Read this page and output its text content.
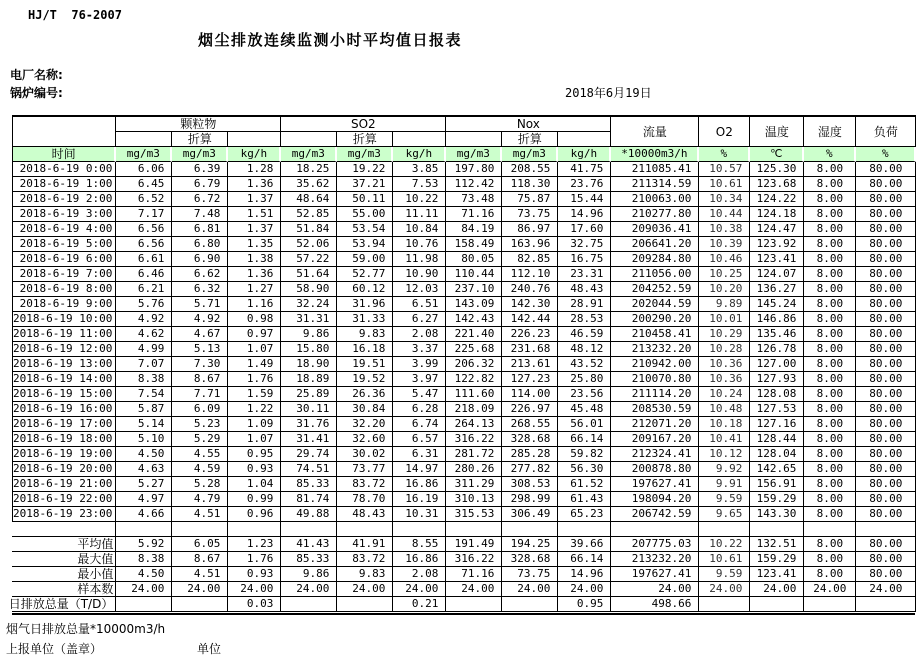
HJ/T  76-2007
烟尘排放连续监测小时平均值日报表
电厂名称:
锅炉编号:	2018年6月19日
	颗粒物			SO2			Nox			流量	O2	温度	湿度	负荷
		折算			折算			折算						
时间	mg/m3	mg/m3	kg/h	mg/m3	mg/m3	kg/h	mg/m3	mg/m3	kg/h	*10000m3/h	%	℃	%	%
2018-6-19 0:00	6.06	6.39	1.28	18.25	19.22	3.85	197.80	208.55	41.75	211085.41	10.57	125.30	8.00	80.00
2018-6-19 1:00	6.45	6.79	1.36	35.62	37.21	7.53	112.42	118.30	23.76	211314.59	10.61	123.68	8.00	80.00
2018-6-19 2:00	6.52	6.72	1.37	48.64	50.11	10.22	73.48	75.87	15.44	210063.00	10.34	124.22	8.00	80.00
2018-6-19 3:00	7.17	7.48	1.51	52.85	55.00	11.11	71.16	73.75	14.96	210277.80	10.44	124.18	8.00	80.00
2018-6-19 4:00	6.56	6.81	1.37	51.84	53.54	10.84	84.19	86.97	17.60	209036.41	10.38	124.47	8.00	80.00
2018-6-19 5:00	6.56	6.80	1.35	52.06	53.94	10.76	158.49	163.96	32.75	206641.20	10.39	123.92	8.00	80.00
2018-6-19 6:00	6.61	6.90	1.38	57.22	59.00	11.98	80.05	82.85	16.75	209284.80	10.46	123.41	8.00	80.00
2018-6-19 7:00	6.46	6.62	1.36	51.64	52.77	10.90	110.44	112.10	23.31	211056.00	10.25	124.07	8.00	80.00
2018-6-19 8:00	6.21	6.32	1.27	58.90	60.12	12.03	237.10	240.76	48.43	204252.59	10.20	136.27	8.00	80.00
2018-6-19 9:00	5.76	5.71	1.16	32.24	31.96	6.51	143.09	142.30	28.91	202044.59	9.89	145.24	8.00	80.00
2018-6-19 10:00	4.92	4.92	0.98	31.31	31.33	6.27	142.43	142.44	28.53	200290.20	10.01	146.86	8.00	80.00
2018-6-19 11:00	4.62	4.67	0.97	9.86	9.83	2.08	221.40	226.23	46.59	210458.41	10.29	135.46	8.00	80.00
2018-6-19 12:00	4.99	5.13	1.07	15.80	16.18	3.37	225.68	231.68	48.12	213232.20	10.28	126.78	8.00	80.00
2018-6-19 13:00	7.07	7.30	1.49	18.90	19.51	3.99	206.32	213.61	43.52	210942.00	10.36	127.00	8.00	80.00
2018-6-19 14:00	8.38	8.67	1.76	18.89	19.52	3.97	122.82	127.23	25.80	210070.80	10.36	127.93	8.00	80.00
2018-6-19 15:00	7.54	7.71	1.59	25.89	26.36	5.47	111.60	114.00	23.56	211114.20	10.24	128.08	8.00	80.00
2018-6-19 16:00	5.87	6.09	1.22	30.11	30.84	6.28	218.09	226.97	45.48	208530.59	10.48	127.53	8.00	80.00
2018-6-19 17:00	5.14	5.23	1.09	31.76	32.20	6.74	264.13	268.55	56.01	212071.20	10.18	127.16	8.00	80.00
2018-6-19 18:00	5.10	5.29	1.07	31.41	32.60	6.57	316.22	328.68	66.14	209167.20	10.41	128.44	8.00	80.00
2018-6-19 19:00	4.50	4.55	0.95	29.74	30.02	6.31	281.72	285.28	59.82	212324.41	10.12	128.04	8.00	80.00
2018-6-19 20:00	4.63	4.59	0.93	74.51	73.77	14.97	280.26	277.82	56.30	200878.80	9.92	142.65	8.00	80.00
2018-6-19 21:00	5.27	5.28	1.04	85.33	83.72	16.86	311.29	308.53	61.52	197627.41	9.91	156.91	8.00	80.00
2018-6-19 22:00	4.97	4.79	0.99	81.74	78.70	16.19	310.13	298.99	61.43	198094.20	9.59	159.29	8.00	80.00
2018-6-19 23:00	4.66	4.51	0.96	49.88	48.43	10.31	315.53	306.49	65.23	206742.59	9.65	143.30	8.00	80.00

平均值	5.92	6.05	1.23	41.43	41.91	8.55	191.49	194.25	39.66	207775.03	10.22	132.51	8.00	80.00
最大值	8.38	8.67	1.76	85.33	83.72	16.86	316.22	328.68	66.14	213232.20	10.61	159.29	8.00	80.00
最小值	4.50	4.51	0.93	9.86	9.83	2.08	71.16	73.75	14.96	197627.41	9.59	123.41	8.00	80.00
样本数	24.00	24.00	24.00	24.00	24.00	24.00	24.00	24.00	24.00	24.00	24.00	24.00	24.00	24.00

日排放总量（T/D）			0.03			0.21			0.95	498.66				
烟气日排放总量*10000m3/h
上报单位（盖章）	单位
